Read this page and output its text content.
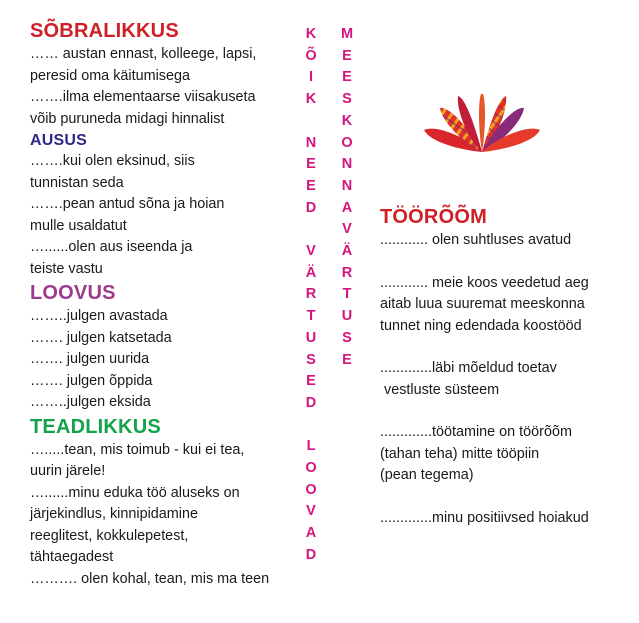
SÕBRALIKKUS

…… austan ennast, kolleege, lapsi,

peresid oma käitumisega

…….ilma elementaarse viisakuseta

võib puruneda midagi hinnalist

AUSUS

…….kui olen eksinud, siis

tunnistan seda

…….pean antud sõna ja hoian

mulle usaldatut

…......olen aus iseenda ja

teiste vastu

LOOVUS

……..julgen avastada

……. julgen katsetada

……. julgen uurida

……. julgen õppida

……..julgen eksida

TEADLIKKUS

….....tean, mis toimub - kui ei tea,

uurin järele!

…......minu eduka töö aluseks on

järjekindlus, kinnipidamine

reeglitest, kokkulepetest,

tähtaegadest

………. olen kohal, tean, mis ma teen

K
Õ
I
K

N
E
E
D

V
Ä
R
T
U
S
E
D

L
O
O
V
A
D
M
E
E
S
K
O
N
N
A
V
Ä
R
T
U
S
E

TÖÖRÕÕM

............ olen suhtluses avatud

............ meie koos veedetud aeg

aitab luua suuremat meeskonna

tunnet ning edendada koostööd

.............läbi mõeldud toetav

vestluste süsteem

.............töötamine on töörõõm

(tahan teha) mitte tööpiin

(pean tegema)

.............minu positiivsed hoiakud
